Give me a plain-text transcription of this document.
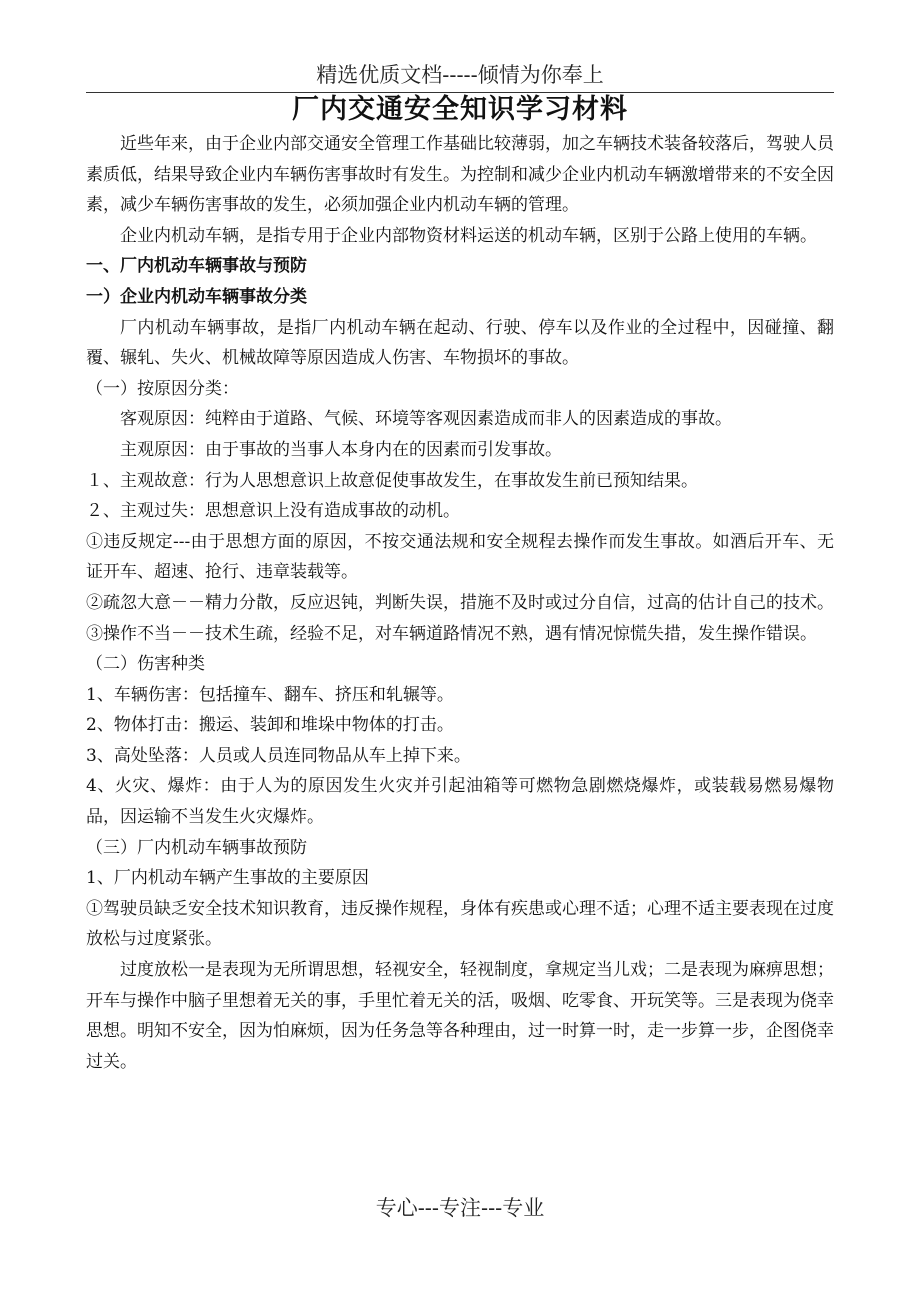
精选优质文档-----倾情为你奉上
厂内交通安全知识学习材料

近些年来，由于企业内部交通安全管理工作基础比较薄弱，加之车辆技术装备较落后，驾驶人员素质低，结果导致企业内车辆伤害事故时有发生。为控制和减少企业内机动车辆激增带来的不安全因素，减少车辆伤害事故的发生，必须加强企业内机动车辆的管理。

企业内机动车辆，是指专用于企业内部物资材料运送的机动车辆，区别于公路上使用的车辆。

一、厂内机动车辆事故与预防

一）企业内机动车辆事故分类

厂内机动车辆事故，是指厂内机动车辆在起动、行驶、停车以及作业的全过程中，因碰撞、翻覆、辗轧、失火、机械故障等原因造成人伤害、车物损坏的事故。

（一）按原因分类：

客观原因：纯粹由于道路、气候、环境等客观因素造成而非人的因素造成的事故。

主观原因：由于事故的当事人本身内在的因素而引发事故。

１、主观故意：行为人思想意识上故意促使事故发生，在事故发生前已预知结果。

２、主观过失：思想意识上没有造成事故的动机。

①违反规定---由于思想方面的原因，不按交通法规和安全规程去操作而发生事故。如酒后开车、无证开车、超速、抢行、违章装载等。

②疏忽大意－－精力分散，反应迟钝，判断失误，措施不及时或过分自信，过高的估计自己的技术。

③操作不当－－技术生疏，经验不足，对车辆道路情况不熟，遇有情况惊慌失措，发生操作错误。

（二）伤害种类

1、车辆伤害：包括撞车、翻车、挤压和轧辗等。

2、物体打击：搬运、装卸和堆垛中物体的打击。

3、高处坠落：人员或人员连同物品从车上掉下来。

4、火灾、爆炸：由于人为的原因发生火灾并引起油箱等可燃物急剧燃烧爆炸，或装载易燃易爆物品，因运输不当发生火灾爆炸。

（三）厂内机动车辆事故预防

1、厂内机动车辆产生事故的主要原因

①驾驶员缺乏安全技术知识教育，违反操作规程，身体有疾患或心理不适；心理不适主要表现在过度放松与过度紧张。

过度放松一是表现为无所谓思想，轻视安全，轻视制度，拿规定当儿戏；二是表现为麻痹思想；开车与操作中脑子里想着无关的事，手里忙着无关的活，吸烟、吃零食、开玩笑等。三是表现为侥幸思想。明知不安全，因为怕麻烦，因为任务急等各种理由，过一时算一时，走一步算一步，企图侥幸过关。

专心---专注---专业
